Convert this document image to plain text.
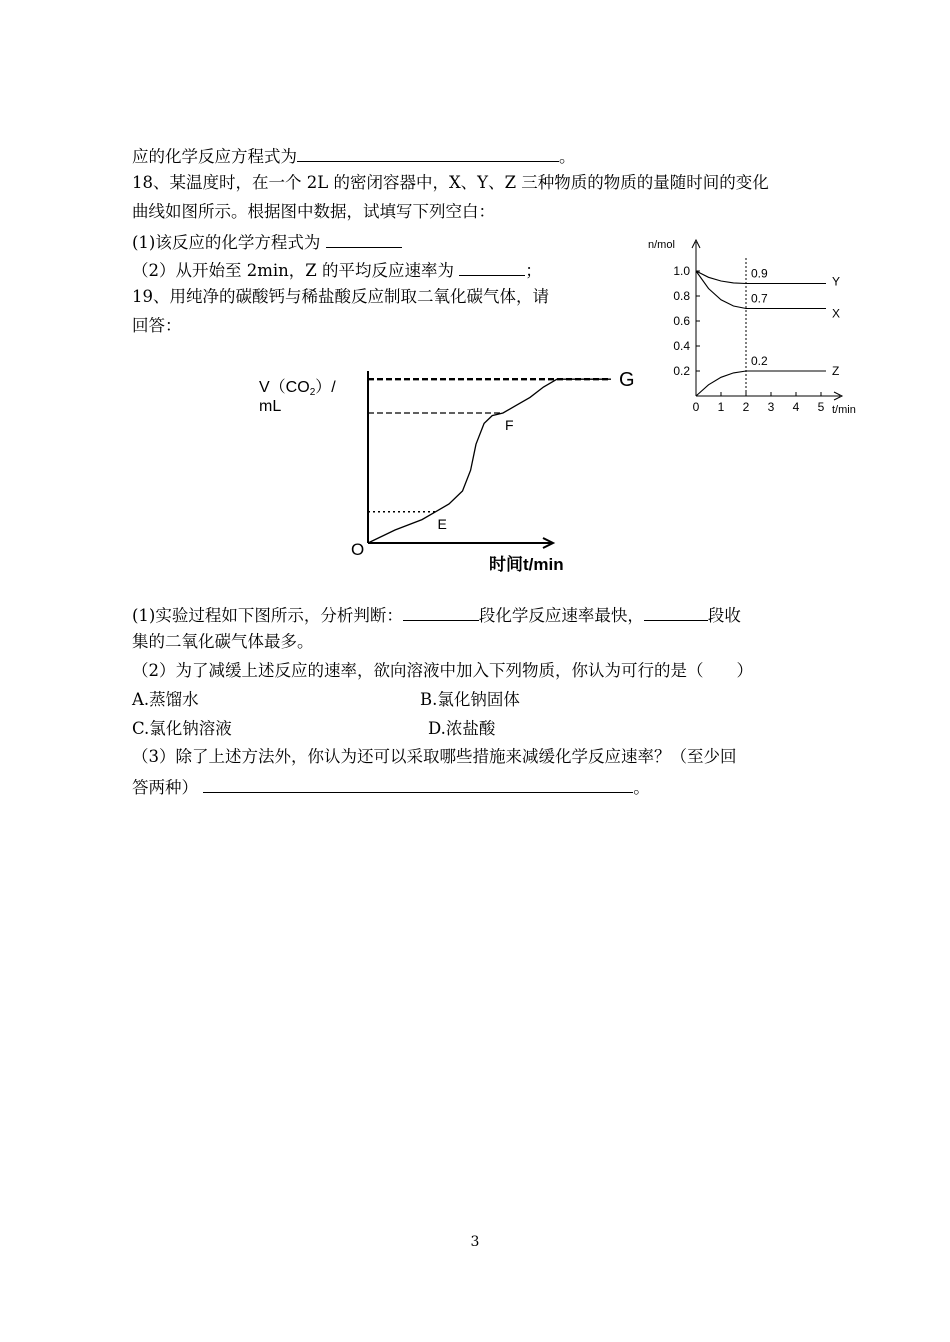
应的化学反应方程式为	。
18、某温度时，在一个 2L 的密闭容器中，X、Y、Z 三种物质的物质的量随时间的变化
曲线如图所示。根据图中数据，试填写下列空白：
(1)该反应的化学方程式为
（2）从开始至 2min，Z 的平均反应速率为	；
19、用纯净的碳酸钙与稀盐酸反应制取二氧化碳气体，请
回答：
0.2
0.4
0.6
0.8
1.0
0 1 2 3 4 5
n/mol
t/min
Y
X
Z
0.9
0.7
0.2
V（CO2）/
mL
时间t/min
O
E
F
G
(1)实验过程如下图所示，分析判断：	段化学反应速率最快，	段收
集的二氧化碳气体最多。
（2）为了减缓上述反应的速率，欲向溶液中加入下列物质，你认为可行的是（　　）
A.蒸馏水	B.氯化钠固体
C.氯化钠溶液	D.浓盐酸
（3）除了上述方法外，你认为还可以采取哪些措施来减缓化学反应速率？（至少回
答两种）	。
3
